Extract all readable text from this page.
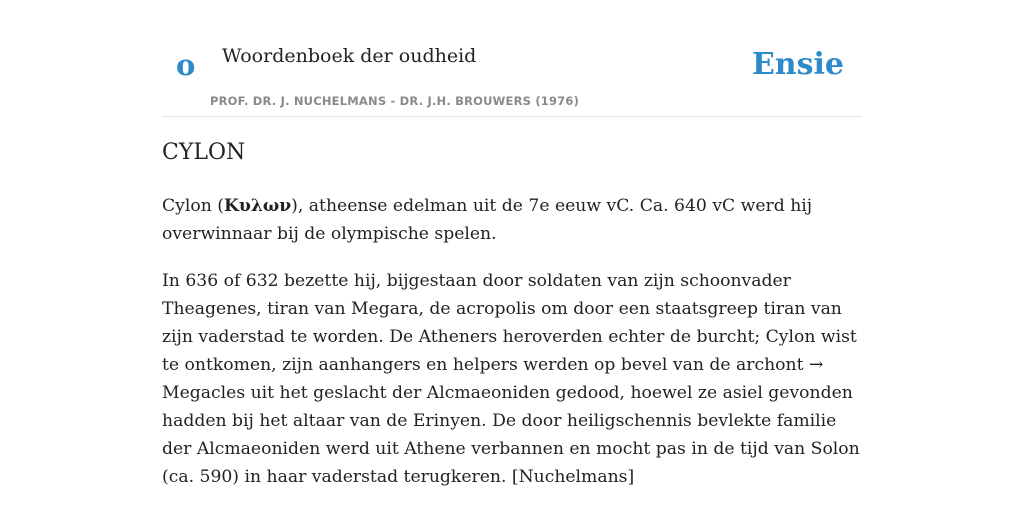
o Woordenboek der oudheid
PROF. DR. J. NUCHELMANS - DR. J.H. BROUWERS (1976)
Ensie
CYLON

Cylon (Κυλων), atheense edelman uit de 7e eeuw vC. Ca. 640 vC werd hij overwinnaar bij de olympische spelen.

In 636 of 632 bezette hij, bijgestaan door soldaten van zijn schoonvader Theagenes, tiran van Megara, de acropolis om door een staatsgreep tiran van zijn vaderstad te worden. De Atheners heroverden echter de burcht; Cylon wist te ontkomen, zijn aanhangers en helpers werden op bevel van de archont → Megacles uit het geslacht der Alcmaeoniden gedood, hoewel ze asiel gevonden hadden bij het altaar van de Erinyen. De door heiligschennis bevlekte familie der Alcmaeoniden werd uit Athene verbannen en mocht pas in de tijd van Solon (ca. 590) in haar vaderstad terugkeren. [Nuchelmans]
